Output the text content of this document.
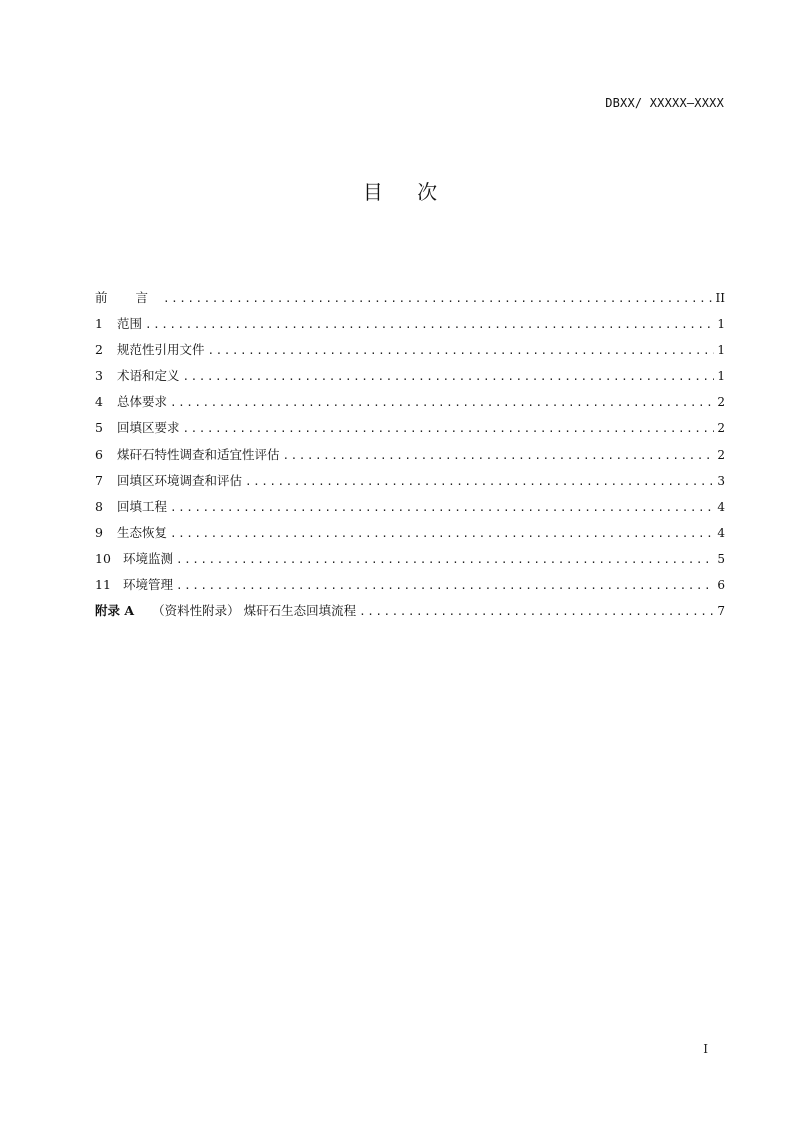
DBXX/ XXXXX—XXXX
目 次
前 言 .....	II
1	范围 .....	1
2	规范性引用文件 .....	1
3	术语和定义 .....	1
4	总体要求 .....	2
5	回填区要求 .....	2
6	煤矸石特性调查和适宜性评估 .....	2
7	回填区环境调查和评估 .....	3
8	回填工程 .....	4
9	生态恢复 .....	4
10 环境监测 .....	5
11 环境管理 .....	6
附录 A （资料性附录） 煤矸石生态回填流程 .....	7
I
